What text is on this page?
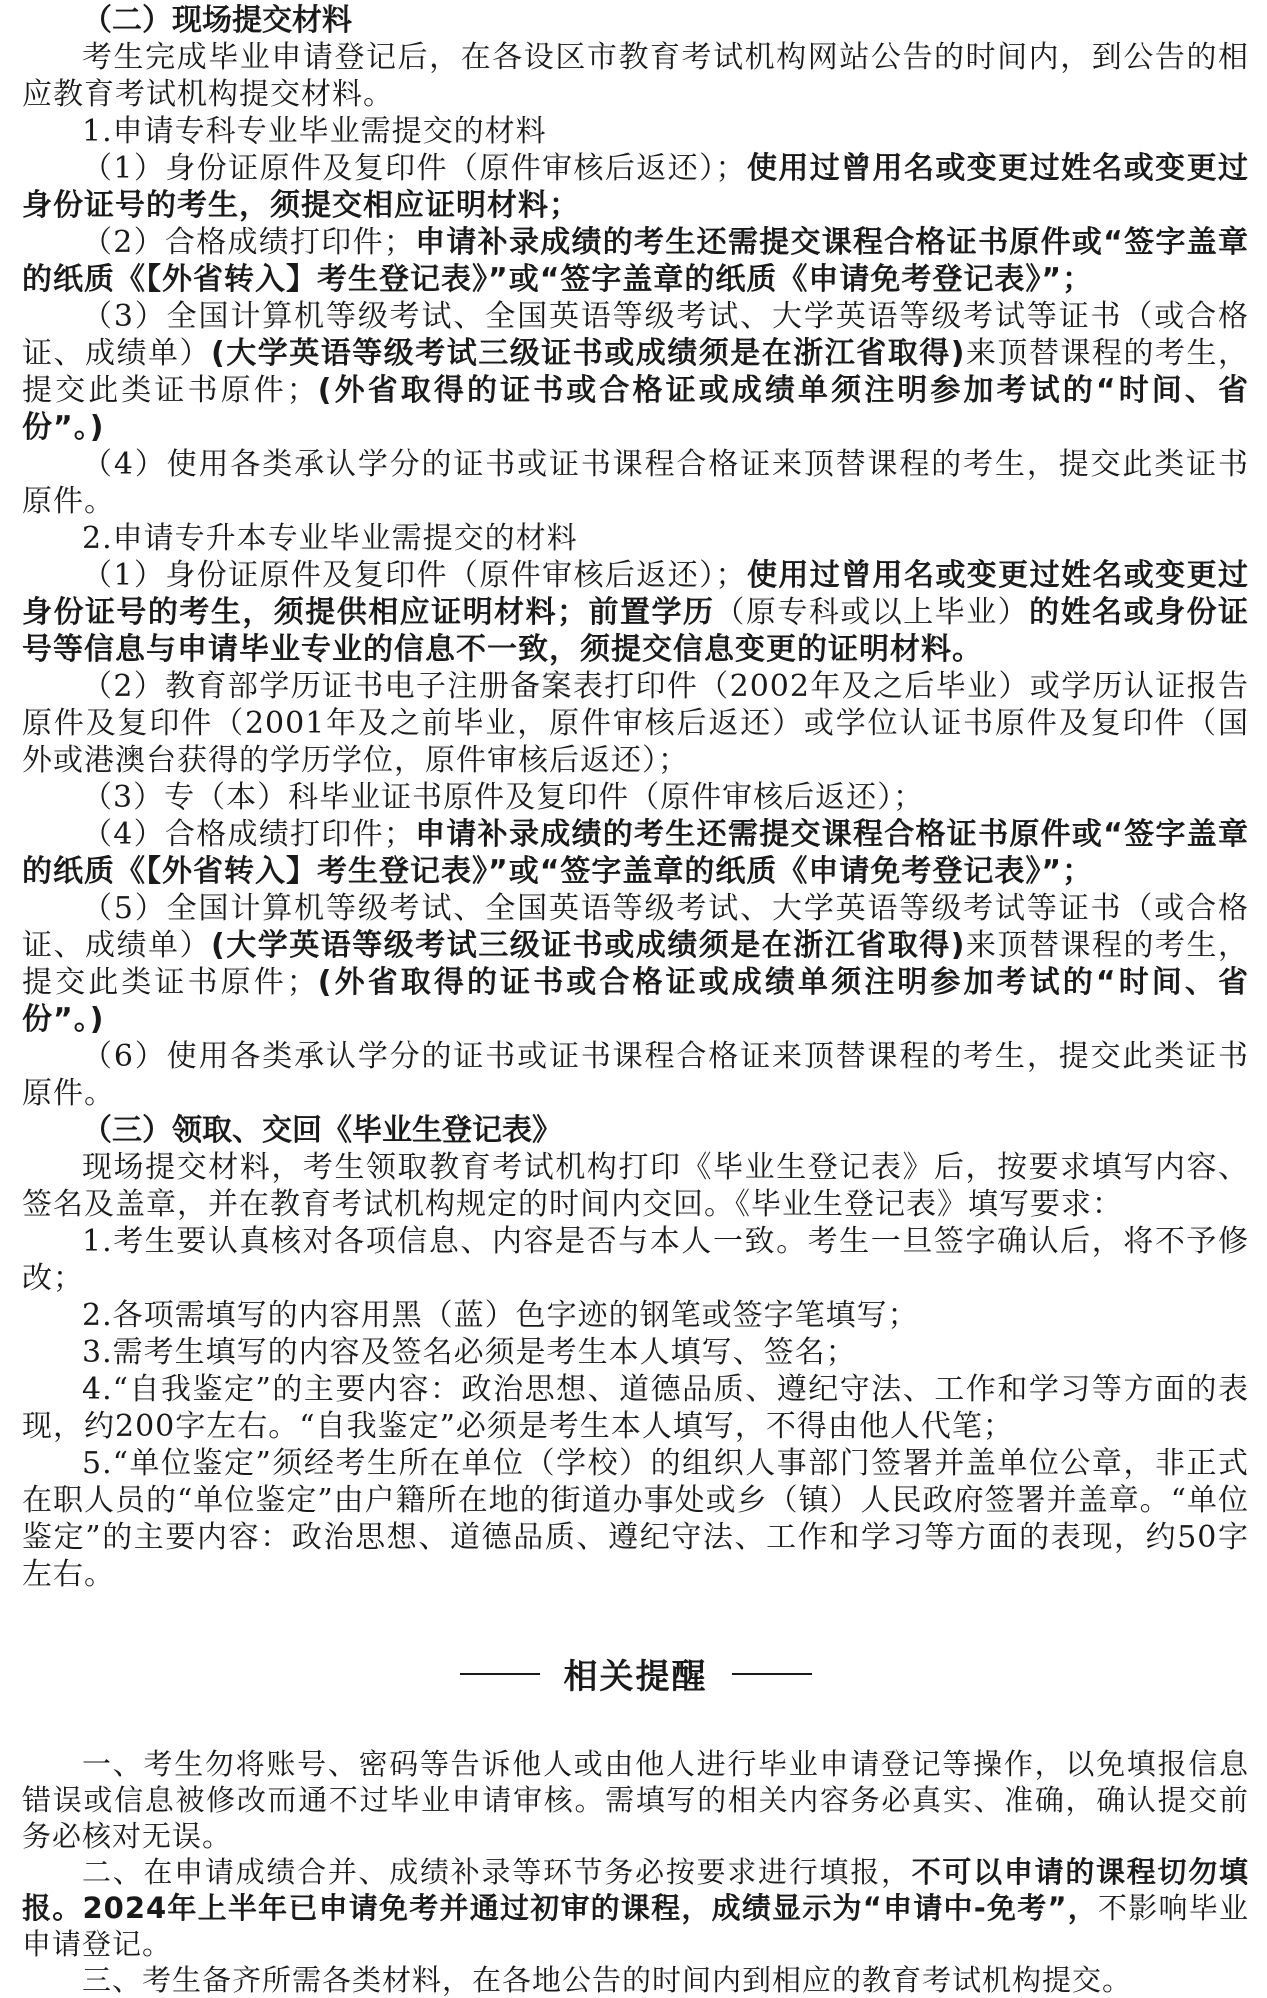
（二）现场提交材料

考生完成毕业申请登记后，在各设区市教育考试机构网站公告的时间内，到公告的相应教育考试机构提交材料。

1.申请专科专业毕业需提交的材料

（1）身份证原件及复印件（原件审核后返还）；使用过曾用名或变更过姓名或变更过身份证号的考生，须提交相应证明材料；

（2）合格成绩打印件；申请补录成绩的考生还需提交课程合格证书原件或“签字盖章的纸质《【外省转入】考生登记表》”或“签字盖章的纸质《申请免考登记表》”；

（3）全国计算机等级考试、全国英语等级考试、大学英语等级考试等证书（或合格证、成绩单）(大学英语等级考试三级证书或成绩须是在浙江省取得)来顶替课程的考生，提交此类证书原件；(外省取得的证书或合格证或成绩单须注明参加考试的“时间、省份”。)

（4）使用各类承认学分的证书或证书课程合格证来顶替课程的考生，提交此类证书原件。

2.申请专升本专业毕业需提交的材料

（1）身份证原件及复印件（原件审核后返还）；使用过曾用名或变更过姓名或变更过身份证号的考生，须提供相应证明材料；前置学历（原专科或以上毕业）的姓名或身份证号等信息与申请毕业专业的信息不一致，须提交信息变更的证明材料。

（2）教育部学历证书电子注册备案表打印件（2002年及之后毕业）或学历认证报告原件及复印件（2001年及之前毕业，原件审核后返还）或学位认证书原件及复印件（国外或港澳台获得的学历学位，原件审核后返还）；

（3）专（本）科毕业证书原件及复印件（原件审核后返还）；

（4）合格成绩打印件；申请补录成绩的考生还需提交课程合格证书原件或“签字盖章的纸质《【外省转入】考生登记表》”或“签字盖章的纸质《申请免考登记表》”；

（5）全国计算机等级考试、全国英语等级考试、大学英语等级考试等证书（或合格证、成绩单）(大学英语等级考试三级证书或成绩须是在浙江省取得)来顶替课程的考生，提交此类证书原件；(外省取得的证书或合格证或成绩单须注明参加考试的“时间、省份”。)

（6）使用各类承认学分的证书或证书课程合格证来顶替课程的考生，提交此类证书原件。

（三）领取、交回《毕业生登记表》

现场提交材料，考生领取教育考试机构打印《毕业生登记表》后，按要求填写内容、签名及盖章，并在教育考试机构规定的时间内交回。《毕业生登记表》填写要求：

1.考生要认真核对各项信息、内容是否与本人一致。考生一旦签字确认后，将不予修改；

2.各项需填写的内容用黑（蓝）色字迹的钢笔或签字笔填写；

3.需考生填写的内容及签名必须是考生本人填写、签名；

4.“自我鉴定”的主要内容：政治思想、道德品质、遵纪守法、工作和学习等方面的表现，约200字左右。“自我鉴定”必须是考生本人填写，不得由他人代笔；

5.“单位鉴定”须经考生所在单位（学校）的组织人事部门签署并盖单位公章，非正式在职人员的“单位鉴定”由户籍所在地的街道办事处或乡（镇）人民政府签署并盖章。“单位鉴定”的主要内容：政治思想、道德品质、遵纪守法、工作和学习等方面的表现，约50字左右。

相关提醒

一、考生勿将账号、密码等告诉他人或由他人进行毕业申请登记等操作，以免填报信息错误或信息被修改而通不过毕业申请审核。需填写的相关内容务必真实、准确，确认提交前务必核对无误。

二、在申请成绩合并、成绩补录等环节务必按要求进行填报，不可以申请的课程切勿填报。2024年上半年已申请免考并通过初审的课程，成绩显示为“申请中-免考”，不影响毕业申请登记。

三、考生备齐所需各类材料，在各地公告的时间内到相应的教育考试机构提交。
